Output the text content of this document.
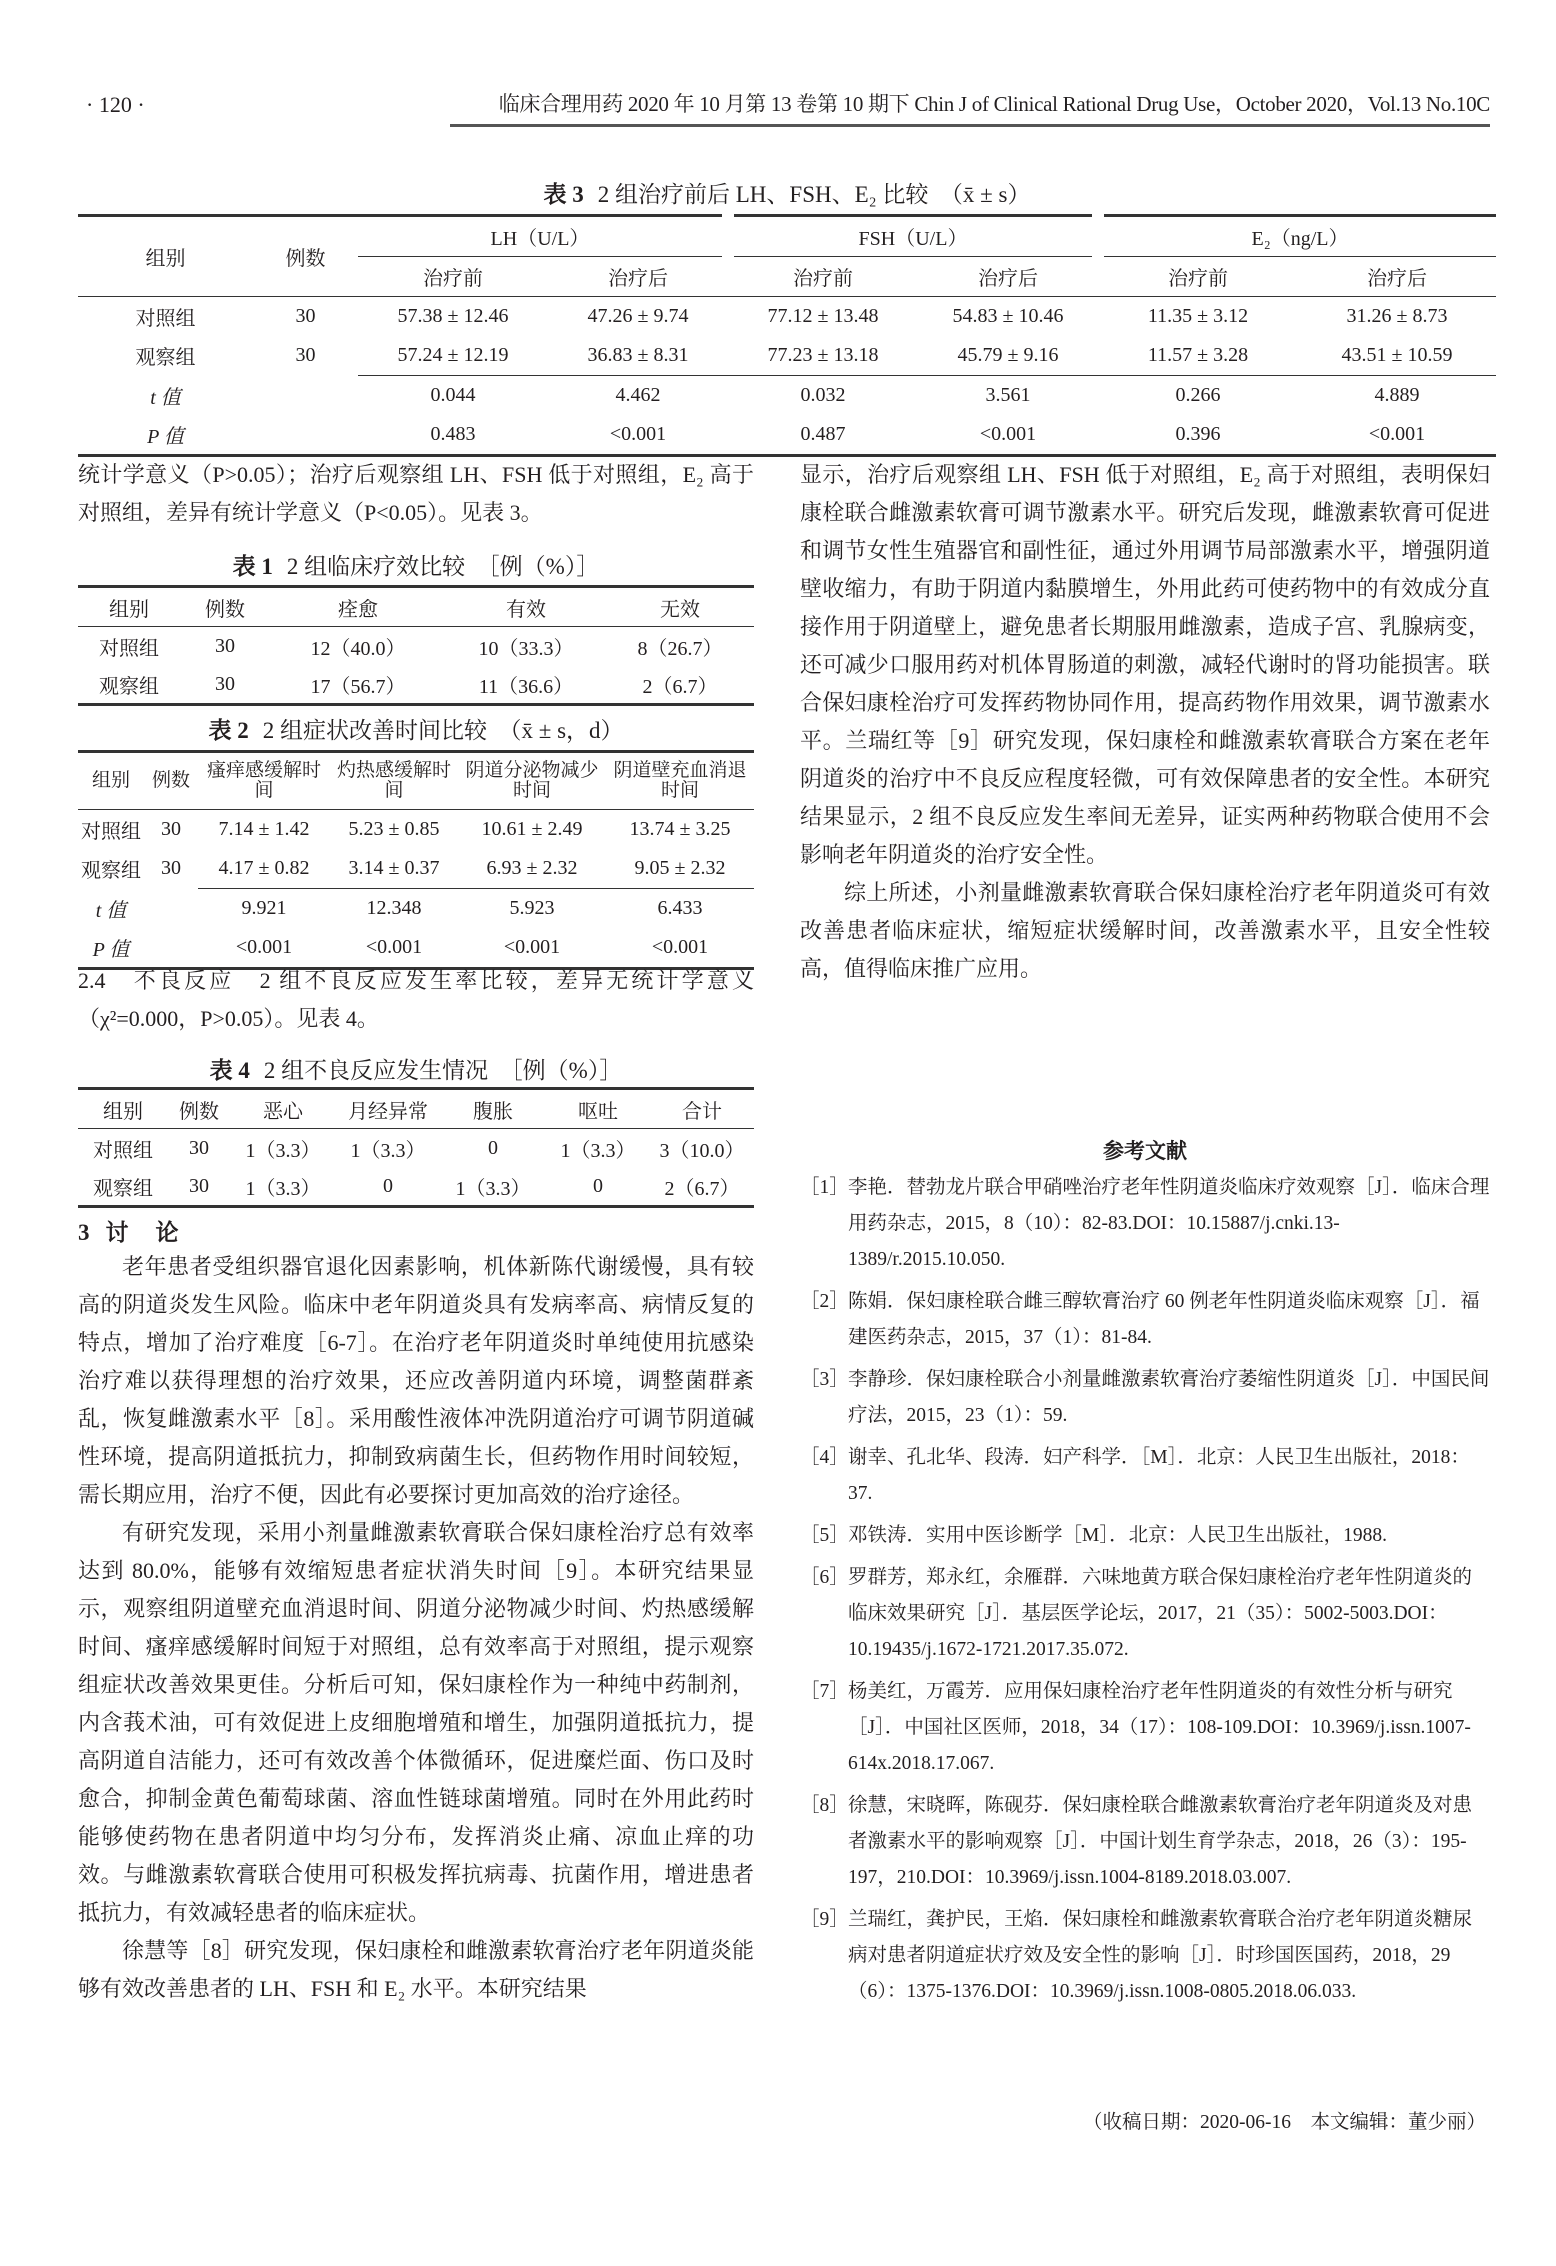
· 120 ·	临床合理用药 2020 年 10 月第 13 卷第 10 期下 Chin J of Clinical Rational Drug Use，October 2020，Vol.13 No.10C
表 3 2 组治疗前后 LH、FSH、E₂ 比较　（x̄ ± s）
组别	例数	LH（U/L）		FSH（U/L）		E₂（ng/L）	
		治疗前	治疗后	治疗前	治疗后	治疗前	治疗后
对照组	30	57.38 ± 12.46	47.26 ± 9.74	77.12 ± 13.48	54.83 ± 10.46	11.35 ± 3.12	31.26 ± 8.73
观察组	30	57.24 ± 12.19	36.83 ± 8.31	77.23 ± 13.18	45.79 ± 9.16	11.57 ± 3.28	43.51 ± 10.59
t 值		0.044	4.462	0.032	3.561	0.266	4.889
P 值		0.483	<0.001	0.487	<0.001	0.396	<0.001
统计学意义（P>0.05）；治疗后观察组 LH、FSH 低于对照组，E₂ 高于对照组，差异有统计学意义（P<0.05）。见表 3。
表 1 2 组临床疗效比较　［例（%）］
组别	例数	痊愈	有效	无效
对照组	30	12（40.0）	10（33.3）	8（26.7）
观察组	30	17（56.7）	11（36.6）	2（6.7）
表 2 2 组症状改善时间比较　（x̄ ± s，d）
组别	例数	瘙痒感缓解时间	灼热感缓解时间	阴道分泌物减少时间	阴道壁充血消退时间
对照组	30	7.14 ± 1.42	5.23 ± 0.85	10.61 ± 2.49	13.74 ± 3.25
观察组	30	4.17 ± 0.82	3.14 ± 0.37	6.93 ± 2.32	9.05 ± 2.32
t 值		9.921	12.348	5.923	6.433
P 值		<0.001	<0.001	<0.001	<0.001
2.4　不良反应　2 组不良反应发生率比较，差异无统计学意义（χ²=0.000，P>0.05）。见表 4。
表 4 2 组不良反应发生情况　［例（%）］
组别	例数	恶心	月经异常	腹胀	呕吐	合计
对照组	30	1（3.3）	1（3.3）	0	1（3.3）	3（10.0）
观察组	30	1（3.3）	0	1（3.3）	0	2（6.7）
3 讨　论
老年患者受组织器官退化因素影响，机体新陈代谢缓慢，具有较高的阴道炎发生风险。临床中老年阴道炎具有发病率高、病情反复的特点，增加了治疗难度［6-7］。在治疗老年阴道炎时单纯使用抗感染治疗难以获得理想的治疗效果，还应改善阴道内环境，调整菌群紊乱，恢复雌激素水平［8］。采用酸性液体冲洗阴道治疗可调节阴道碱性环境，提高阴道抵抗力，抑制致病菌生长，但药物作用时间较短，需长期应用，治疗不便，因此有必要探讨更加高效的治疗途径。
有研究发现，采用小剂量雌激素软膏联合保妇康栓治疗总有效率达到 80.0%，能够有效缩短患者症状消失时间［9］。本研究结果显示，观察组阴道壁充血消退时间、阴道分泌物减少时间、灼热感缓解时间、瘙痒感缓解时间短于对照组，总有效率高于对照组，提示观察组症状改善效果更佳。分析后可知，保妇康栓作为一种纯中药制剂，内含莪术油，可有效促进上皮细胞增殖和增生，加强阴道抵抗力，提高阴道自洁能力，还可有效改善个体微循环，促进糜烂面、伤口及时愈合，抑制金黄色葡萄球菌、溶血性链球菌增殖。同时在外用此药时能够使药物在患者阴道中均匀分布，发挥消炎止痛、凉血止痒的功效。与雌激素软膏联合使用可积极发挥抗病毒、抗菌作用，增进患者抵抗力，有效减轻患者的临床症状。
徐慧等［8］研究发现，保妇康栓和雌激素软膏治疗老年阴道炎能够有效改善患者的 LH、FSH 和 E₂ 水平。本研究结果
显示，治疗后观察组 LH、FSH 低于对照组，E₂ 高于对照组，表明保妇康栓联合雌激素软膏可调节激素水平。研究后发现，雌激素软膏可促进和调节女性生殖器官和副性征，通过外用调节局部激素水平，增强阴道壁收缩力，有助于阴道内黏膜增生，外用此药可使药物中的有效成分直接作用于阴道壁上，避免患者长期服用雌激素，造成子宫、乳腺病变，还可减少口服用药对机体胃肠道的刺激，减轻代谢时的肾功能损害。联合保妇康栓治疗可发挥药物协同作用，提高药物作用效果，调节激素水平。兰瑞红等［9］研究发现，保妇康栓和雌激素软膏联合方案在老年阴道炎的治疗中不良反应程度轻微，可有效保障患者的安全性。本研究结果显示，2 组不良反应发生率间无差异，证实两种药物联合使用不会影响老年阴道炎的治疗安全性。
综上所述，小剂量雌激素软膏联合保妇康栓治疗老年阴道炎可有效改善患者临床症状，缩短症状缓解时间，改善激素水平，且安全性较高，值得临床推广应用。
参考文献

［1］李艳．替勃龙片联合甲硝唑治疗老年性阴道炎临床疗效观察［J］．临床合理用药杂志，2015，8（10）：82-83.DOI：10.15887/j.cnki.13-1389/r.2015.10.050.

［2］陈娟．保妇康栓联合雌三醇软膏治疗 60 例老年性阴道炎临床观察［J］．福建医药杂志，2015，37（1）：81-84.

［3］李静珍．保妇康栓联合小剂量雌激素软膏治疗萎缩性阴道炎［J］．中国民间疗法，2015，23（1）：59.

［4］谢幸、孔北华、段涛．妇产科学．［M］．北京：人民卫生出版社，2018：37.

［5］邓铁涛．实用中医诊断学［M］．北京：人民卫生出版社，1988.

［6］罗群芳，郑永红，余雁群．六味地黄方联合保妇康栓治疗老年性阴道炎的临床效果研究［J］．基层医学论坛，2017，21（35）：5002-5003.DOI：10.19435/j.1672-1721.2017.35.072.

［7］杨美红，万霞芳．应用保妇康栓治疗老年性阴道炎的有效性分析与研究［J］．中国社区医师，2018，34（17）：108-109.DOI：10.3969/j.issn.1007-614x.2018.17.067.

［8］徐慧，宋晓晖，陈砚芬．保妇康栓联合雌激素软膏治疗老年阴道炎及对患者激素水平的影响观察［J］．中国计划生育学杂志，2018，26（3）：195-197，210.DOI：10.3969/j.issn.1004-8189.2018.03.007.

［9］兰瑞红，龚护民，王焰．保妇康栓和雌激素软膏联合治疗老年阴道炎糖尿病对患者阴道症状疗效及安全性的影响［J］．时珍国医国药，2018，29（6）：1375-1376.DOI：10.3969/j.issn.1008-0805.2018.06.033.

（收稿日期：2020-06-16　本文编辑：董少丽）
